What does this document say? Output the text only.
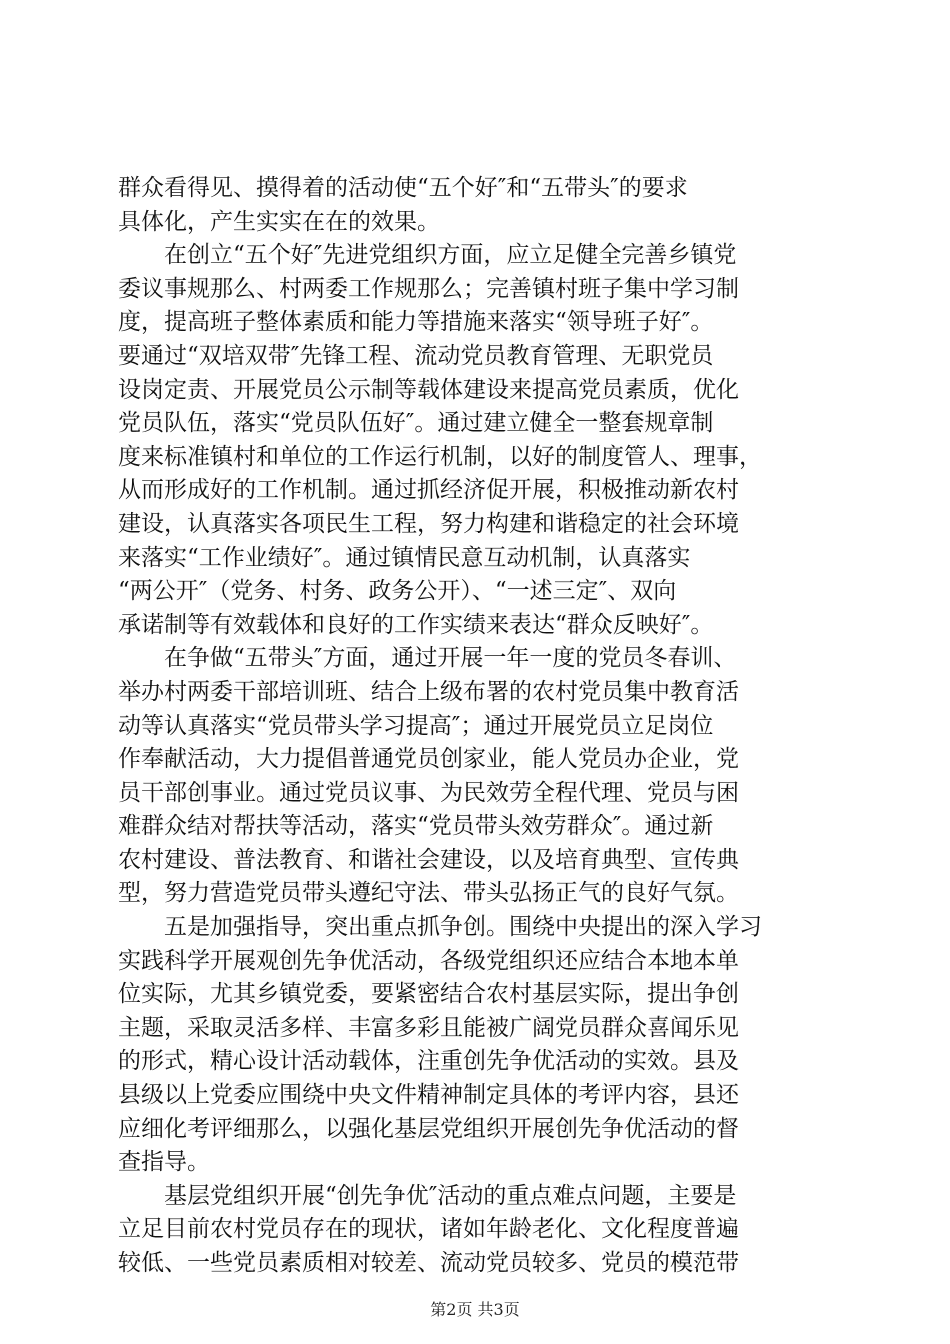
群众看得见、摸得着的活动使“五个好″和“五带头″的要求
具体化，产生实实在在的效果。
在创立“五个好″先进党组织方面，应立足健全完善乡镇党
委议事规那么、村两委工作规那么；完善镇村班子集中学习制
度，提高班子整体素质和能力等措施来落实“领导班子好″。
要通过“双培双带″先锋工程、流动党员教育管理、无职党员
设岗定责、开展党员公示制等载体建设来提高党员素质，优化
党员队伍，落实“党员队伍好″。通过建立健全一整套规章制
度来标准镇村和单位的工作运行机制，以好的制度管人、理事，
从而形成好的工作机制。通过抓经济促开展，积极推动新农村
建设，认真落实各项民生工程，努力构建和谐稳定的社会环境
来落实“工作业绩好″。通过镇情民意互动机制，认真落实
“两公开″（党务、村务、政务公开）、“一述三定″、双向
承诺制等有效载体和良好的工作实绩来表达“群众反映好″。
在争做“五带头″方面，通过开展一年一度的党员冬春训、
举办村两委干部培训班、结合上级布署的农村党员集中教育活
动等认真落实“党员带头学习提高″；通过开展党员立足岗位
作奉献活动，大力提倡普通党员创家业，能人党员办企业，党
员干部创事业。通过党员议事、为民效劳全程代理、党员与困
难群众结对帮扶等活动，落实“党员带头效劳群众″。通过新
农村建设、普法教育、和谐社会建设，以及培育典型、宣传典
型，努力营造党员带头遵纪守法、带头弘扬正气的良好气氛。
五是加强指导，突出重点抓争创。围绕中央提出的深入学习
实践科学开展观创先争优活动，各级党组织还应结合本地本单
位实际，尤其乡镇党委，要紧密结合农村基层实际，提出争创
主题，采取灵活多样、丰富多彩且能被广阔党员群众喜闻乐见
的形式，精心设计活动载体，注重创先争优活动的实效。县及
县级以上党委应围绕中央文件精神制定具体的考评内容，县还
应细化考评细那么，以强化基层党组织开展创先争优活动的督
查指导。
基层党组织开展“创先争优″活动的重点难点问题，主要是
立足目前农村党员存在的现状，诸如年龄老化、文化程度普遍
较低、一些党员素质相对较差、流动党员较多、党员的模范带
第2页 共3页
